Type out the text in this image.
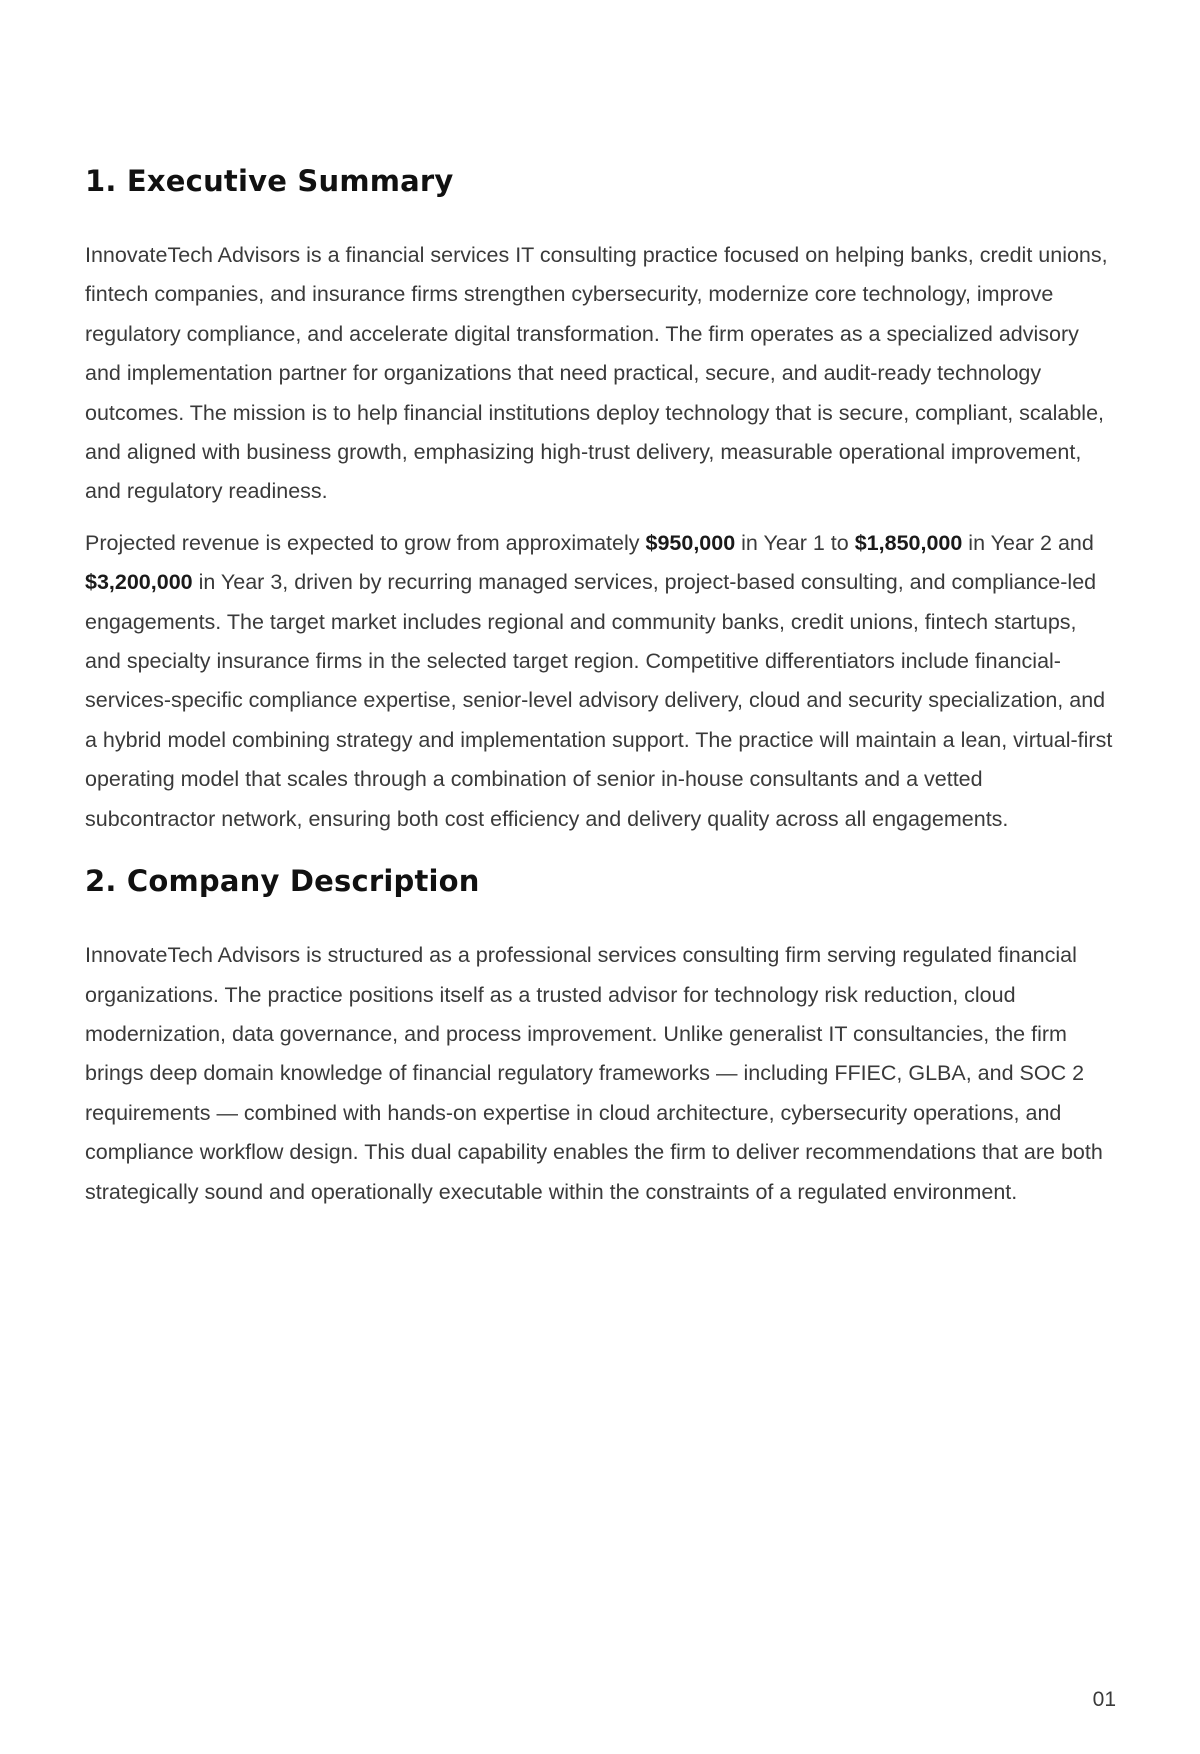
1. Executive Summary

InnovateTech Advisors is a financial services IT consulting practice focused on helping banks, credit unions, fintech companies, and insurance firms strengthen cybersecurity, modernize core technology, improve regulatory compliance, and accelerate digital transformation. The firm operates as a specialized advisory and implementation partner for organizations that need practical, secure, and audit-ready technology outcomes. The mission is to help financial institutions deploy technology that is secure, compliant, scalable, and aligned with business growth, emphasizing high-trust delivery, measurable operational improvement, and regulatory readiness.

Projected revenue is expected to grow from approximately $950,000 in Year 1 to $1,850,000 in Year 2 and $3,200,000 in Year 3, driven by recurring managed services, project-based consulting, and compliance-led engagements. The target market includes regional and community banks, credit unions, fintech startups, and specialty insurance firms in the selected target region. Competitive differentiators include financial-services-specific compliance expertise, senior-level advisory delivery, cloud and security specialization, and a hybrid model combining strategy and implementation support. The practice will maintain a lean, virtual-first operating model that scales through a combination of senior in-house consultants and a vetted subcontractor network, ensuring both cost efficiency and delivery quality across all engagements.

2. Company Description

InnovateTech Advisors is structured as a professional services consulting firm serving regulated financial organizations. The practice positions itself as a trusted advisor for technology risk reduction, cloud modernization, data governance, and process improvement. Unlike generalist IT consultancies, the firm brings deep domain knowledge of financial regulatory frameworks — including FFIEC, GLBA, and SOC 2 requirements — combined with hands-on expertise in cloud architecture, cybersecurity operations, and compliance workflow design. This dual capability enables the firm to deliver recommendations that are both strategically sound and operationally executable within the constraints of a regulated environment.

01
